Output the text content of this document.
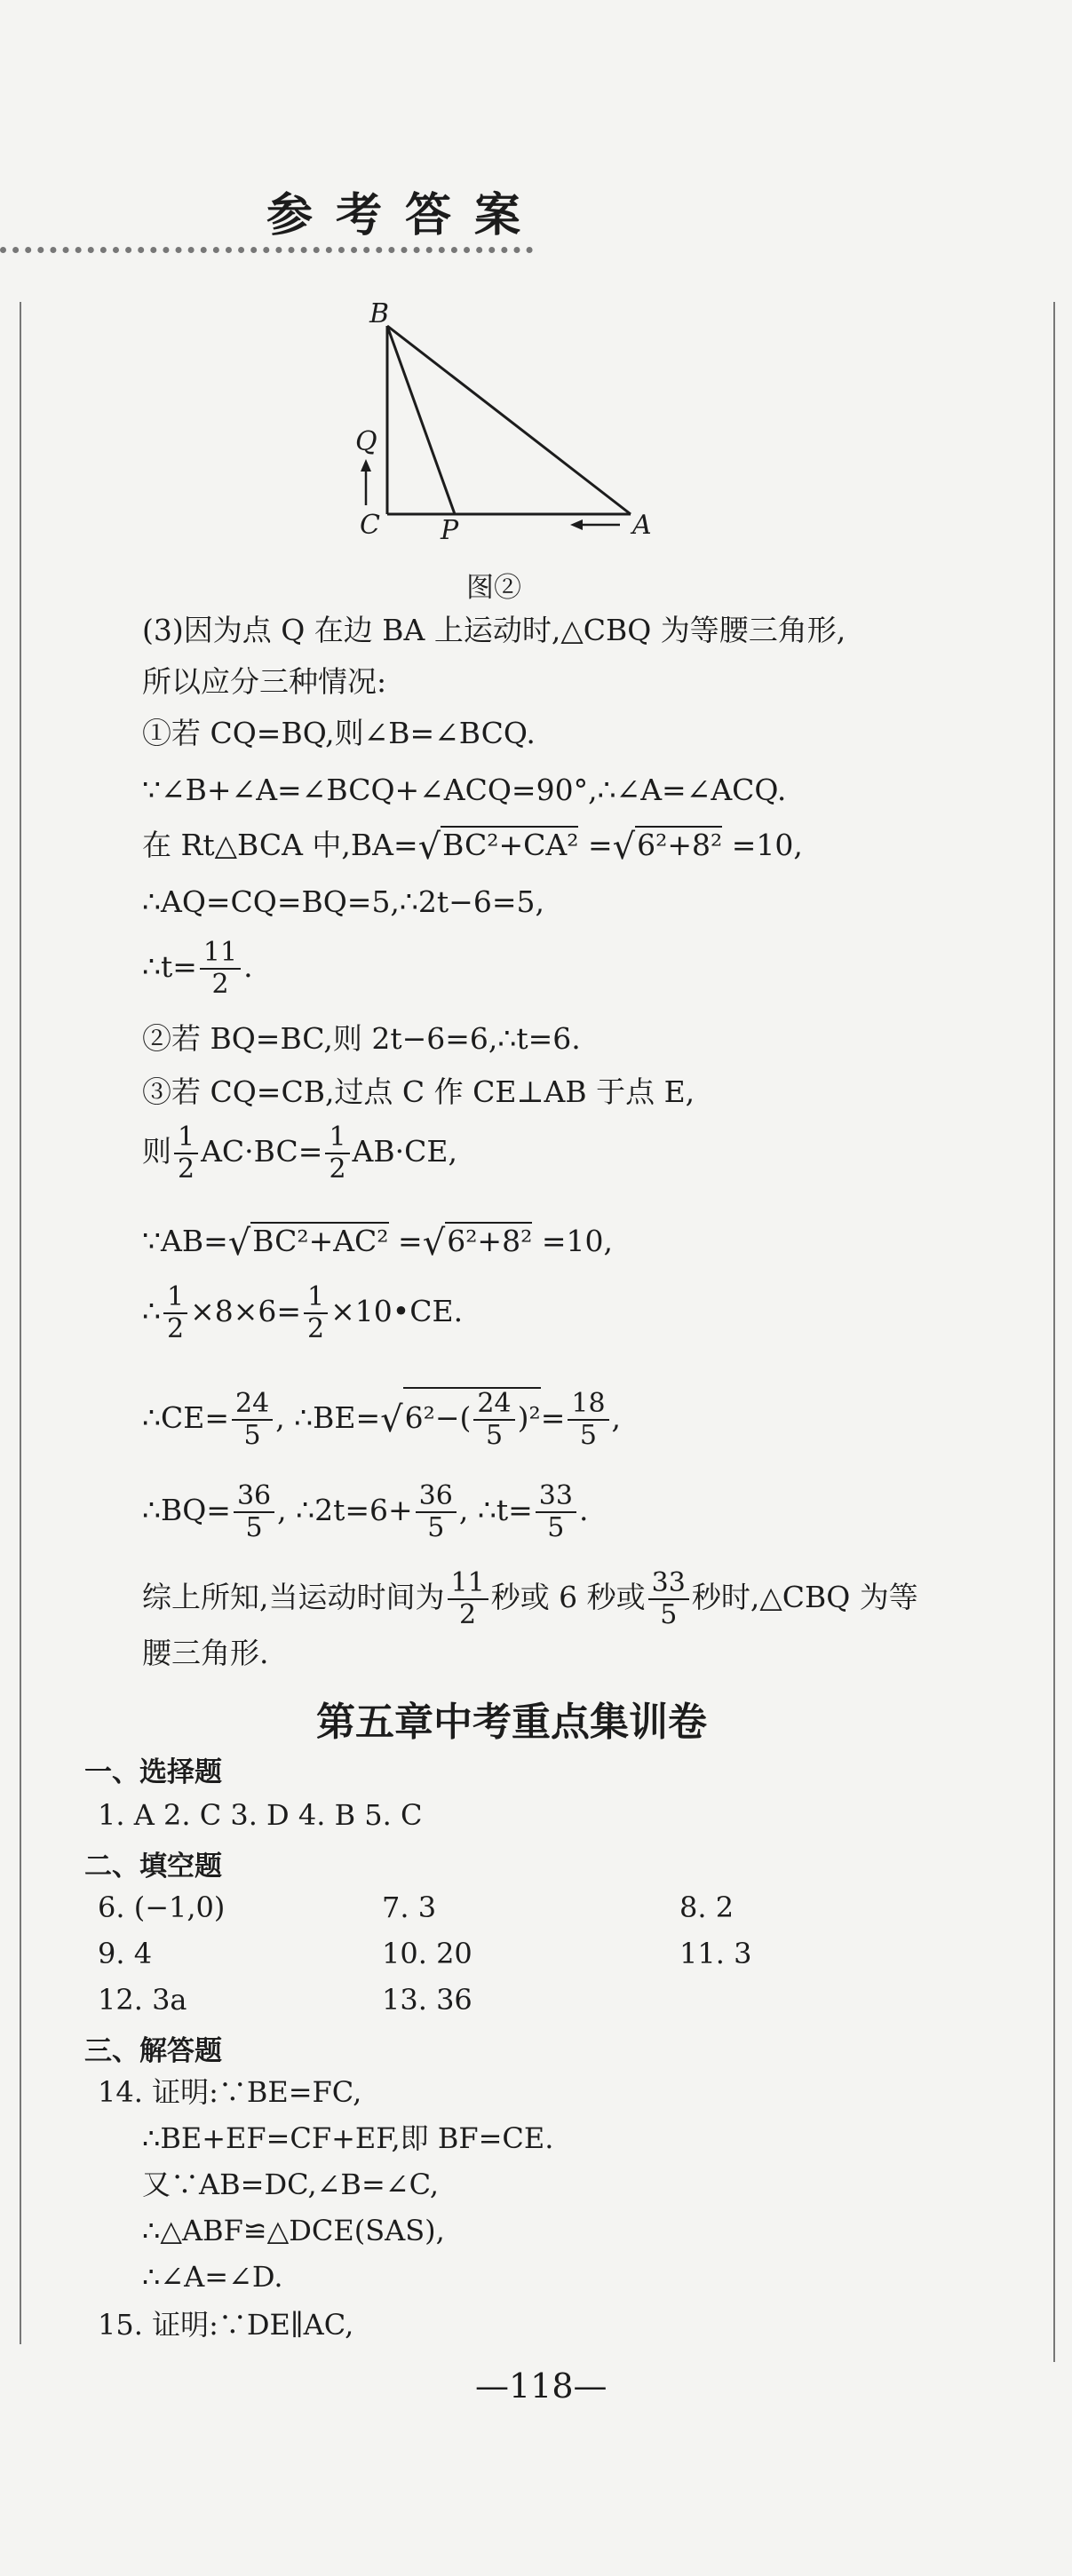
参考答案
B
Q
C P	A
图②
(3)因为点 Q 在边 BA 上运动时,△CBQ 为等腰三角形,
所以应分三种情况:
①若 CQ=BQ,则∠B=∠BCQ.
∵∠B+∠A=∠BCQ+∠ACQ=90°,∴∠A=∠ACQ.
在 Rt△BCA 中,BA=√BC²+CA² =√6²+8² =10,
∴AQ=CQ=BQ=5,∴2t−6=5,
∴t= $\frac{11}{2}$ .
②若 BQ=BC,则 2t−6=6,∴t=6.
③若 CQ=CB,过点 C 作 CE⊥AB 于点 E,
则 $\frac{1}{2} AC\cdot BC= \frac{1}{2} AB\cdot CE$,
∵AB=√BC²+AC² =√6²+8² =10,
∴ $\frac{1}{2} \times 8\times 6= \frac{1}{2}$ ×10•CE.
∴CE= $\frac{24}{5}$ , ∴BE=√6²−( $\frac{24}{5} )^2= \frac{18}{5}$ ,
∴BQ= $\frac{36}{5}$ , ∴2t=6+ $\frac{36}{5}$ , ∴t= $\frac{33}{5}$ .
综上所知,当运动时间为 $\frac{11}{2}$ 秒或 6 秒或 $\frac{33}{5}$ 秒时,△CBQ 为等
腰三角形.
第五章中考重点集训卷
一、选择题
1. A 2. C 3. D 4. B 5. C
二、填空题
6. (−1,0)	7. 3	8. 2
9. 4	10. 20	11. 3
12. 3a	13. 36
三、解答题
14. 证明:∵BE=FC,
∴BE+EF=CF+EF,即 BF=CE.
又∵AB=DC,∠B=∠C,
∴△ABF≌△DCE(SAS),
∴∠A=∠D.
15. 证明:∵DE∥AC,
—118—
